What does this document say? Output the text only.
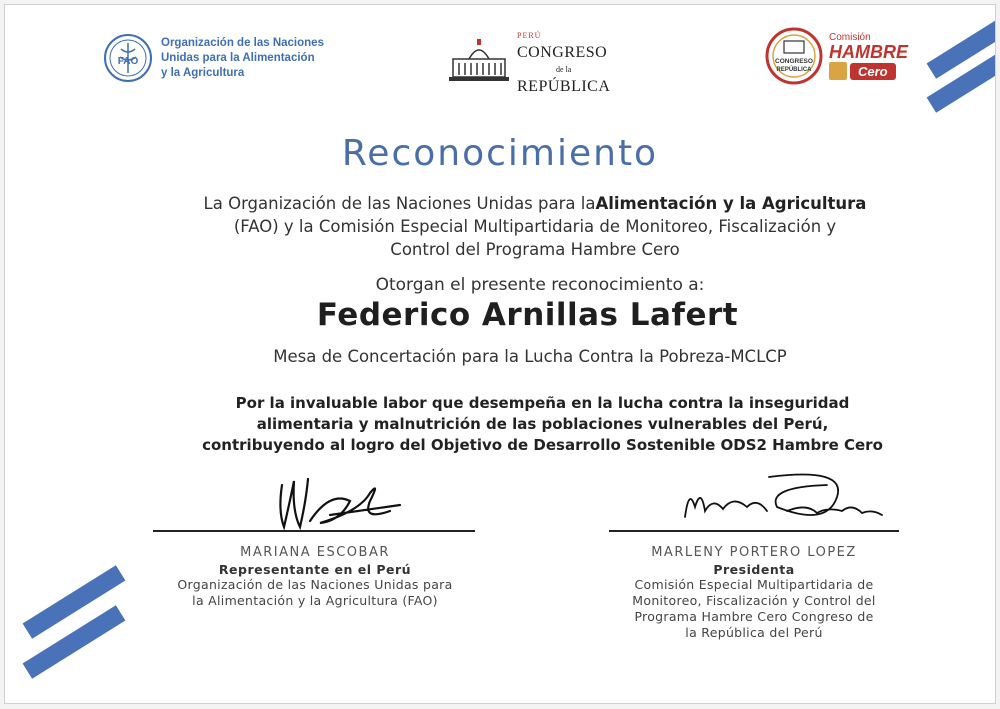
FAO
Organización de las Naciones
Unidas para la Alimentación
y la Agricultura
PERÚ
CONGRESO
de la
REPÚBLICA
CONGRESO
REPÚBLICA
Comisión
HAMBRE
Cero
Reconocimiento
La Organización de las Naciones Unidas para laAlimentación y la Agricultura
(FAO) y la Comisión Especial Multipartidaria de Monitoreo, Fiscalización y
Control del Programa Hambre Cero
Otorgan el presente reconocimiento a:
Federico Arnillas Lafert
Mesa de Concertación para la Lucha Contra la Pobreza-MCLCP
Por la invaluable labor que desempeña en la lucha contra la inseguridad
alimentaria y malnutrición de las poblaciones vulnerables del Perú,
contribuyendo al logro del Objetivo de Desarrollo Sostenible ODS2 Hambre Cero
MARIANA ESCOBAR
Representante en el Perú
Organización de las Naciones Unidas para
la Alimentación y la Agricultura (FAO)
MARLENY PORTERO LOPEZ
Presidenta
Comisión Especial Multipartidaria de
Monitoreo, Fiscalización y Control del
Programa Hambre Cero Congreso de
la República del Perú
